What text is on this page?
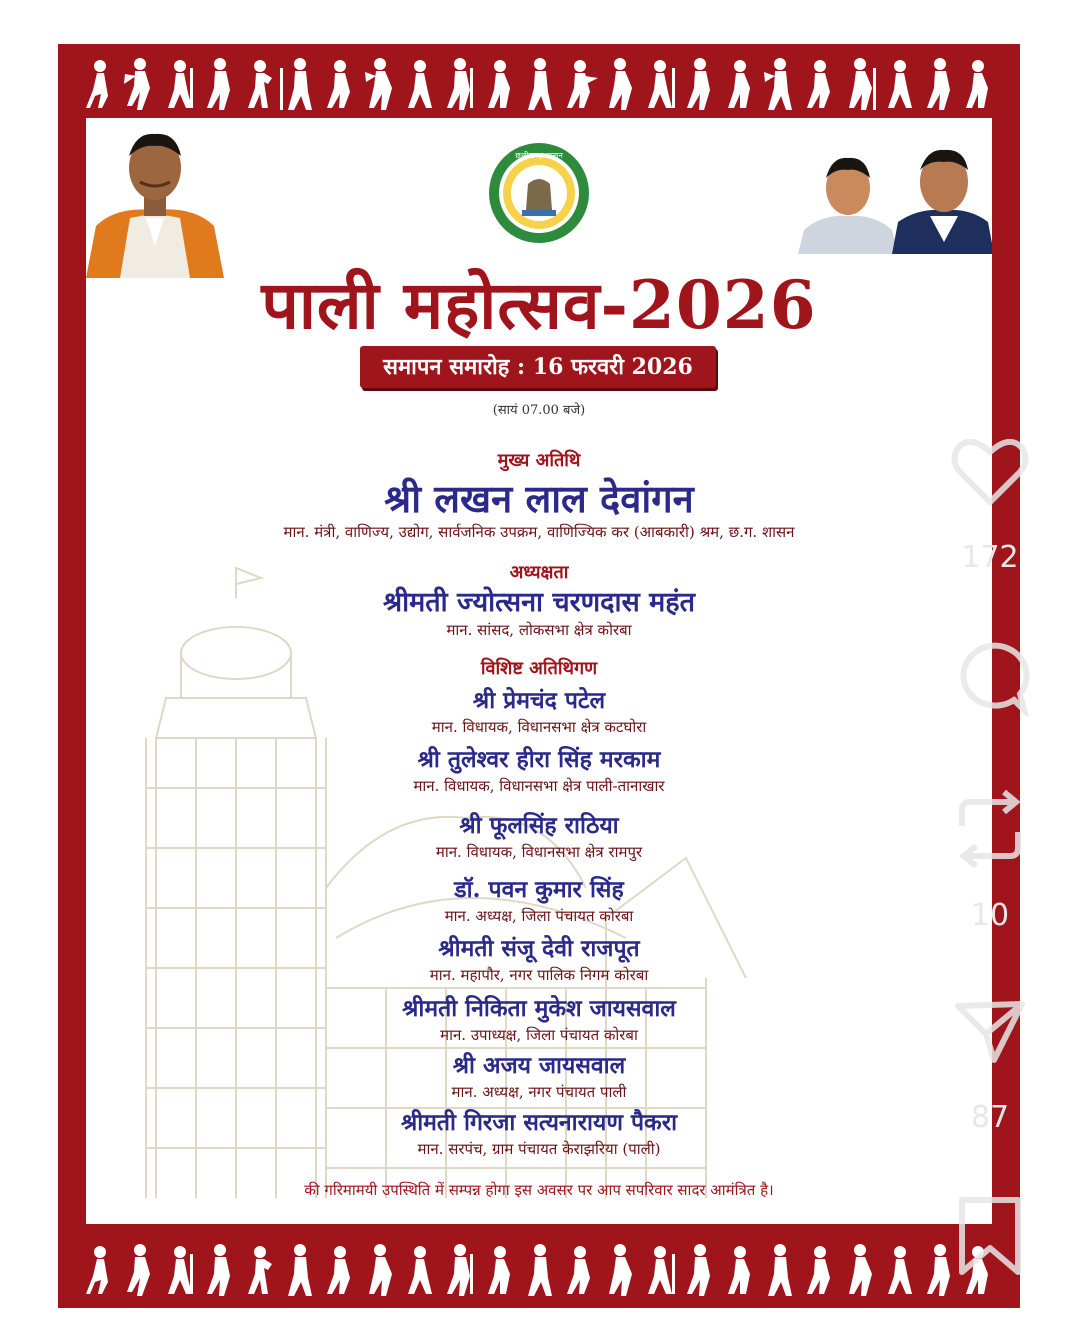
छत्तीसगढ़ शासन
पाली महोत्सव-2026
समापन समारोह : 16 फरवरी 2026
(सायं 07.00 बजे)
मुख्य अतिथि
श्री लखन लाल देवांगन
मान. मंत्री, वाणिज्य, उद्योग, सार्वजनिक उपक्रम, वाणिज्यिक कर (आबकारी) श्रम, छ.ग. शासन
अध्यक्षता
श्रीमती ज्योत्सना चरणदास महंत
मान. सांसद, लोकसभा क्षेत्र कोरबा
विशिष्ट अतिथिगण
श्री प्रेमचंद पटेल
मान. विधायक, विधानसभा क्षेत्र कटघोरा
श्री तुलेश्वर हीरा सिंह मरकाम
मान. विधायक, विधानसभा क्षेत्र पाली-तानाखार
श्री फूलसिंह राठिया
मान. विधायक, विधानसभा क्षेत्र रामपुर
डॉ. पवन कुमार सिंह
मान. अध्यक्ष, जिला पंचायत कोरबा
श्रीमती संजू देवी राजपूत
मान. महापौर, नगर पालिक निगम कोरबा
श्रीमती निकिता मुकेश जायसवाल
मान. उपाध्यक्ष, जिला पंचायत कोरबा
श्री अजय जायसवाल
मान. अध्यक्ष, नगर पंचायत पाली
श्रीमती गिरजा सत्यनारायण पैकरा
मान. सरपंच, ग्राम पंचायत केराझरिया (पाली)
की गरिमामयी उपस्थिति में सम्पन्न होगा इस अवसर पर आप सपरिवार सादर आमंत्रित है।
172
10
87
